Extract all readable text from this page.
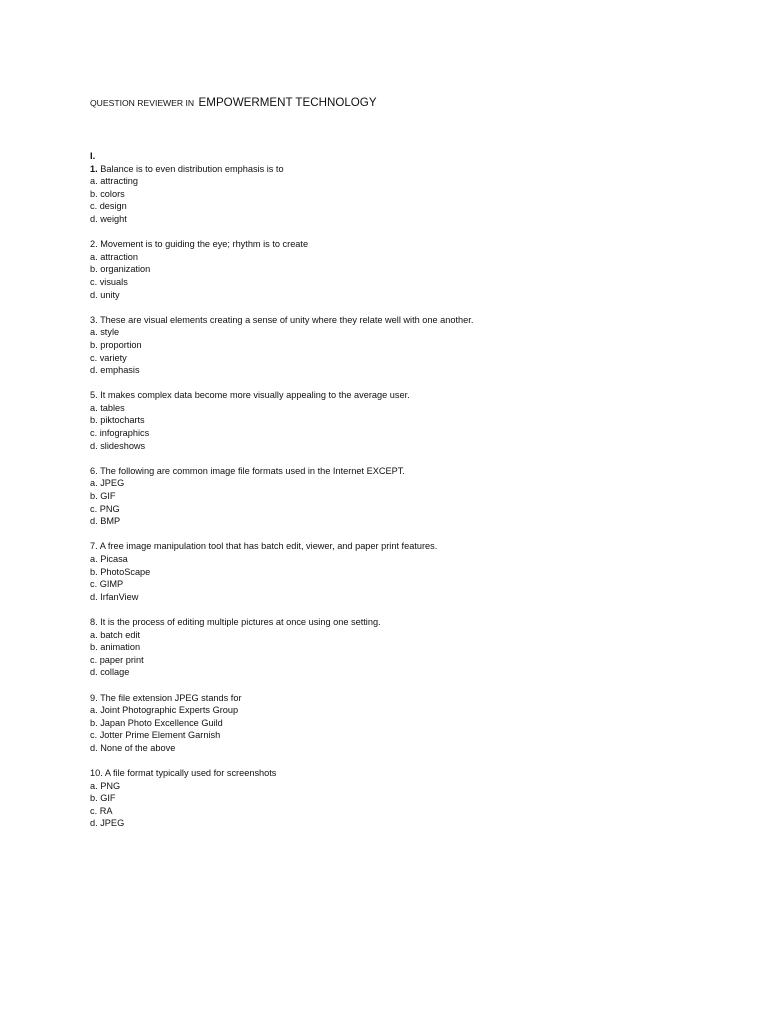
QUESTION REVIEWER IN EMPOWERMENT TECHNOLOGY
I.
1. Balance is to even distribution emphasis is to
a. attracting
b. colors
c. design
d. weight
2. Movement is to guiding the eye; rhythm is to create
a. attraction
b. organization
c. visuals
d. unity
3. These are visual elements creating a sense of unity where they relate well with one another.
a. style
b. proportion
c. variety
d. emphasis
5. It makes complex data become more visually appealing to the average user.
a. tables
b. piktocharts
c. infographics
d. slideshows
6. The following are common image file formats used in the Internet EXCEPT.
a. JPEG
b. GIF
c. PNG
d. BMP
7. A free image manipulation tool that has batch edit, viewer, and paper print features.
a. Picasa
b. PhotoScape
c. GIMP
d. IrfanView
8. It is the process of editing multiple pictures at once using one setting.
a. batch edit
b. animation
c. paper print
d. collage
9. The file extension JPEG stands for
a. Joint Photographic Experts Group
b. Japan Photo Excellence Guild
c. Jotter Prime Element Garnish
d. None of the above
10. A file format typically used for screenshots
a. PNG
b. GIF
c. RA
d. JPEG
